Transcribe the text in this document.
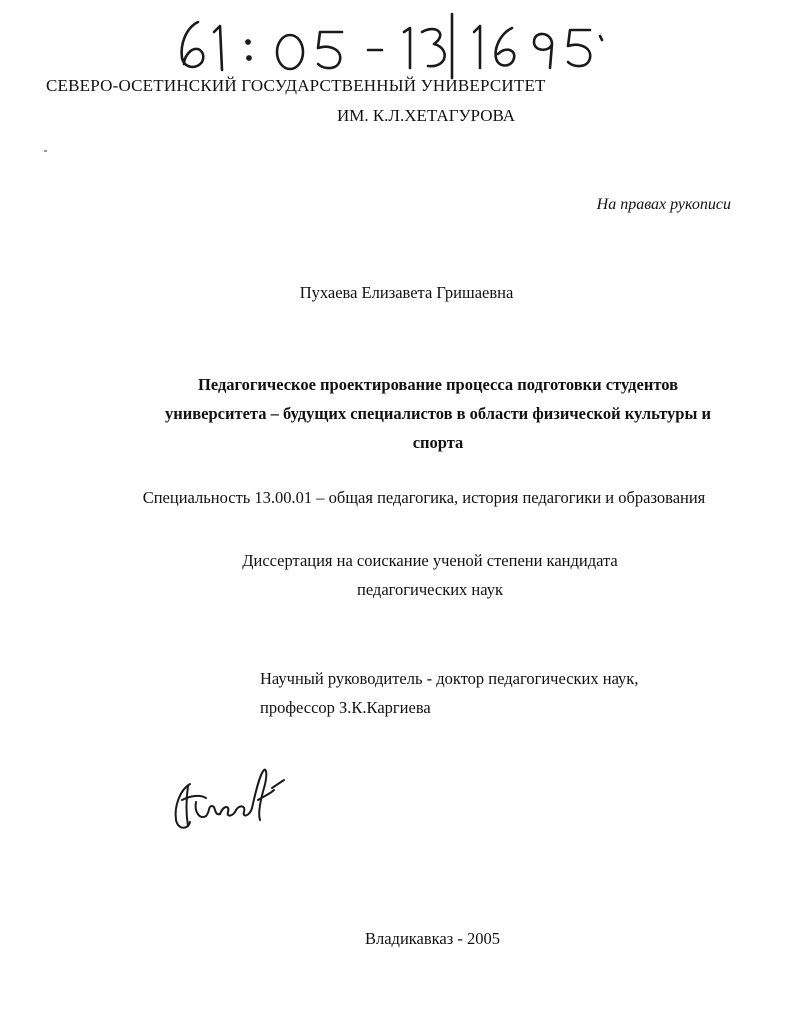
СЕВЕРО-ОСЕТИНСКИЙ ГОСУДАРСТВЕННЫЙ УНИВЕРСИТЕТ
ИМ. К.Л.ХЕТАГУРОВА
На правах рукописи
Пухаева Елизавета Гришаевна
Педагогическое проектирование процесса подготовки студентов
университета – будущих специалистов в области физической культуры и
спорта
Специальность 13.00.01 – общая педагогика, история педагогики и образования
Диссертация на соискание ученой степени кандидата
педагогических наук
Научный руководитель - доктор педагогических наук,
профессор З.К.Каргиева
Владикавказ - 2005
